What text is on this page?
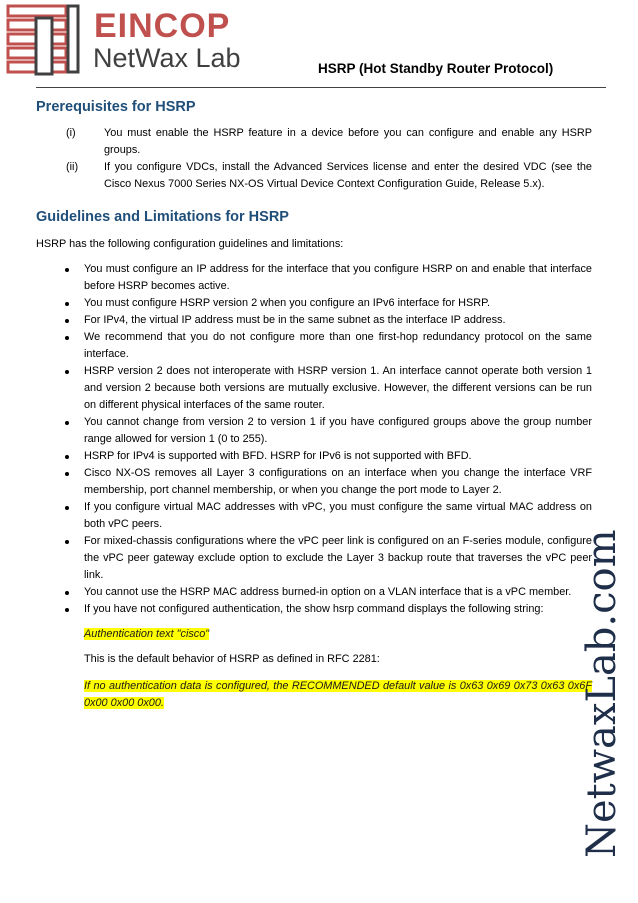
EINCOP
NetWax Lab	HSRP (Hot Standby Router Protocol)
Prerequisites for HSRP
(i)	You must enable the HSRP feature in a device before you can configure and enable any HSRP groups.
(ii) If you configure VDCs, install the Advanced Services license and enter the desired VDC (see the Cisco Nexus 7000 Series NX-OS Virtual Device Context Configuration Guide, Release 5.x).
Guidelines and Limitations for HSRP

HSRP has the following configuration guidelines and limitations:

You must configure an IP address for the interface that you configure HSRP on and enable that interface before HSRP becomes active.
You must configure HSRP version 2 when you configure an IPv6 interface for HSRP.
For IPv4, the virtual IP address must be in the same subnet as the interface IP address.
We recommend that you do not configure more than one first-hop redundancy protocol on the same interface.
HSRP version 2 does not interoperate with HSRP version 1. An interface cannot operate both version 1 and version 2 because both versions are mutually exclusive. However, the different versions can be run on different physical interfaces of the same router.
You cannot change from version 2 to version 1 if you have configured groups above the group number range allowed for version 1 (0 to 255).
HSRP for IPv4 is supported with BFD. HSRP for IPv6 is not supported with BFD.
Cisco NX-OS removes all Layer 3 configurations on an interface when you change the interface VRF membership, port channel membership, or when you change the port mode to Layer 2.
If you configure virtual MAC addresses with vPC, you must configure the same virtual MAC address on both vPC peers.
For mixed-chassis configurations where the vPC peer link is configured on an F-series module, configure the vPC peer gateway exclude option to exclude the Layer 3 backup route that traverses the vPC peer link.
You cannot use the HSRP MAC address burned-in option on a VLAN interface that is a vPC member.
If you have not configured authentication, the show hsrp command displays the following string:

Authentication text "cisco"

This is the default behavior of HSRP as defined in RFC 2281:

If no authentication data is configured, the RECOMMENDED default value is 0x63 0x69 0x73 0x63 0x6F 0x00 0x00 0x00.	NetwaxLab.com
